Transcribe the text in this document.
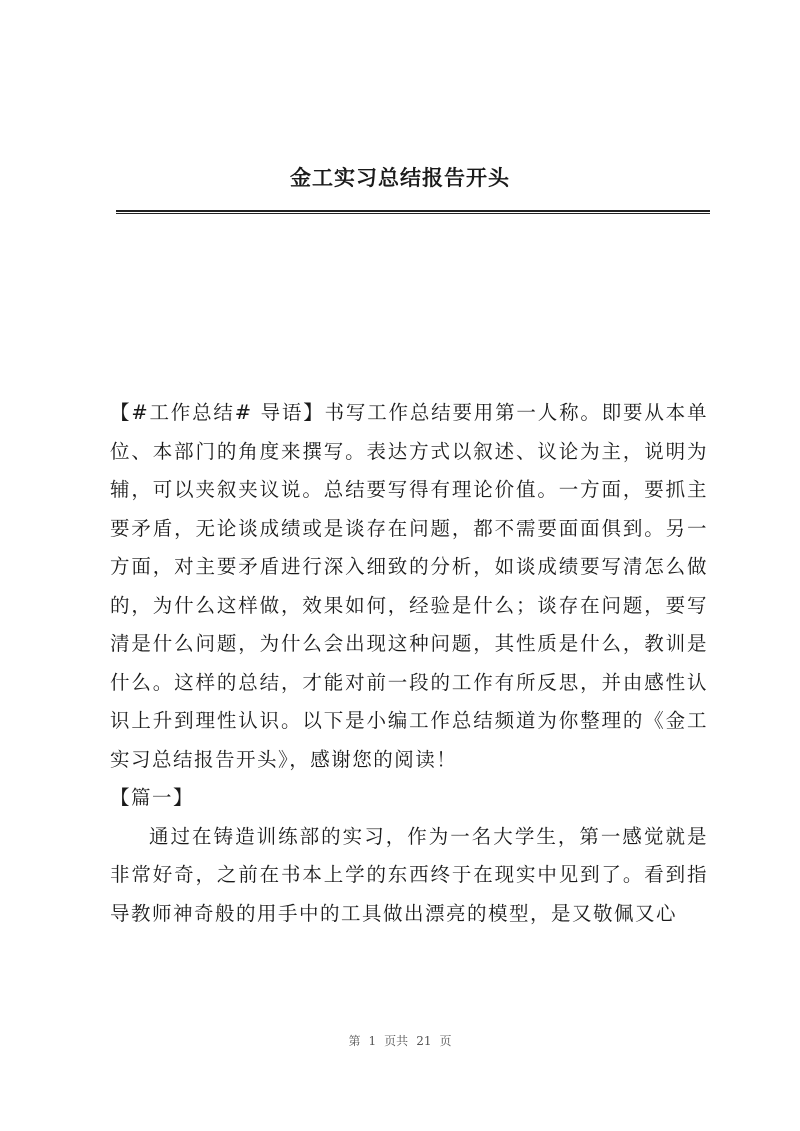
金工实习总结报告开头

【#工作总结# 导语】书写工作总结要用第一人称。即要从本单位、本部门的角度来撰写。表达方式以叙述、议论为主，说明为辅，可以夹叙夹议说。总结要写得有理论价值。一方面，要抓主要矛盾，无论谈成绩或是谈存在问题，都不需要面面俱到。另一方面，对主要矛盾进行深入细致的分析，如谈成绩要写清怎么做的，为什么这样做，效果如何，经验是什么；谈存在问题，要写清是什么问题，为什么会出现这种问题，其性质是什么，教训是什么。这样的总结，才能对前一段的工作有所反思，并由感性认识上升到理性认识。以下是小编工作总结频道为你整理的《金工实习总结报告开头》，感谢您的阅读！

【篇一】

通过在铸造训练部的实习，作为一名大学生，第一感觉就是非常好奇，之前在书本上学的东西终于在现实中见到了。看到指导教师神奇般的用手中的工具做出漂亮的模型，是又敬佩又心

第 1 页共 21 页
